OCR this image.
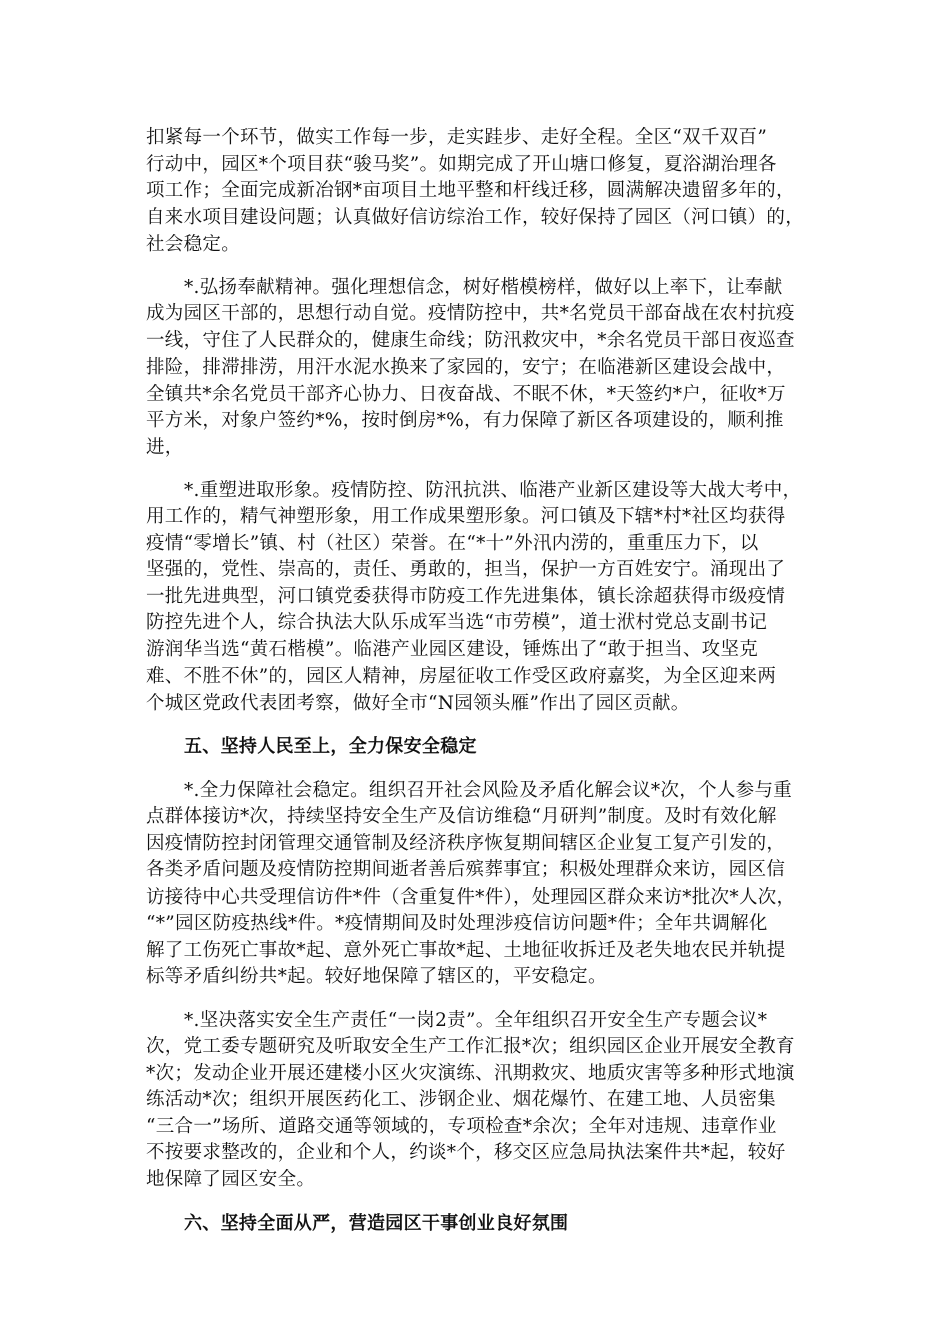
扣紧每一个环节，做实工作每一步，走实跬步、走好全程。全区“双千双百”
行动中，园区*个项目获“骏马奖”。如期完成了开山塘口修复，夏浴湖治理各
项工作；全面完成新冶钢*亩项目土地平整和杆线迁移，圆满解决遗留多年的，
自来水项目建设问题；认真做好信访综治工作，较好保持了园区（河口镇）的，
社会稳定。
*.弘扬奉献精神。强化理想信念，树好楷模榜样，做好以上率下，让奉献
成为园区干部的，思想行动自觉。疫情防控中，共*名党员干部奋战在农村抗疫
一线，守住了人民群众的，健康生命线；防汛救灾中，*余名党员干部日夜巡查
排险，排滞排涝，用汗水泥水换来了家园的，安宁；在临港新区建设会战中，
全镇共*余名党员干部齐心协力、日夜奋战、不眠不休，*天签约*户，征收*万
平方米，对象户签约*%，按时倒房*%，有力保障了新区各项建设的，顺利推
进，
*.重塑进取形象。疫情防控、防汛抗洪、临港产业新区建设等大战大考中，
用工作的，精气神塑形象，用工作成果塑形象。河口镇及下辖*村*社区均获得
疫情“零增长”镇、村（社区）荣誉。在“*十”外汛内涝的，重重压力下，以
坚强的，党性、崇高的，责任、勇敢的，担当，保护一方百姓安宁。涌现出了
一批先进典型，河口镇党委获得市防疫工作先进集体，镇长涂超获得市级疫情
防控先进个人，综合执法大队乐成军当选“市劳模”，道士洑村党总支副书记
游润华当选“黄石楷模”。临港产业园区建设，锤炼出了“敢于担当、攻坚克
难、不胜不休”的，园区人精神，房屋征收工作受区政府嘉奖，为全区迎来两
个城区党政代表团考察，做好全市“N园领头雁”作出了园区贡献。
五、坚持人民至上，全力保安全稳定
*.全力保障社会稳定。组织召开社会风险及矛盾化解会议*次，个人参与重
点群体接访*次，持续坚持安全生产及信访维稳“月研判”制度。及时有效化解
因疫情防控封闭管理交通管制及经济秩序恢复期间辖区企业复工复产引发的，
各类矛盾问题及疫情防控期间逝者善后殡葬事宜；积极处理群众来访，园区信
访接待中心共受理信访件*件（含重复件*件），处理园区群众来访*批次*人次，
“*”园区防疫热线*件。*疫情期间及时处理涉疫信访问题*件；全年共调解化
解了工伤死亡事故*起、意外死亡事故*起、土地征收拆迁及老失地农民并轨提
标等矛盾纠纷共*起。较好地保障了辖区的，平安稳定。
*.坚决落实安全生产责任“一岗2责”。全年组织召开安全生产专题会议*
次，党工委专题研究及听取安全生产工作汇报*次；组织园区企业开展安全教育
*次；发动企业开展还建楼小区火灾演练、汛期救灾、地质灾害等多种形式地演
练活动*次；组织开展医药化工、涉钢企业、烟花爆竹、在建工地、人员密集
“三合一”场所、道路交通等领域的，专项检查*余次；全年对违规、违章作业
不按要求整改的，企业和个人，约谈*个，移交区应急局执法案件共*起，较好
地保障了园区安全。
六、坚持全面从严，营造园区干事创业良好氛围
